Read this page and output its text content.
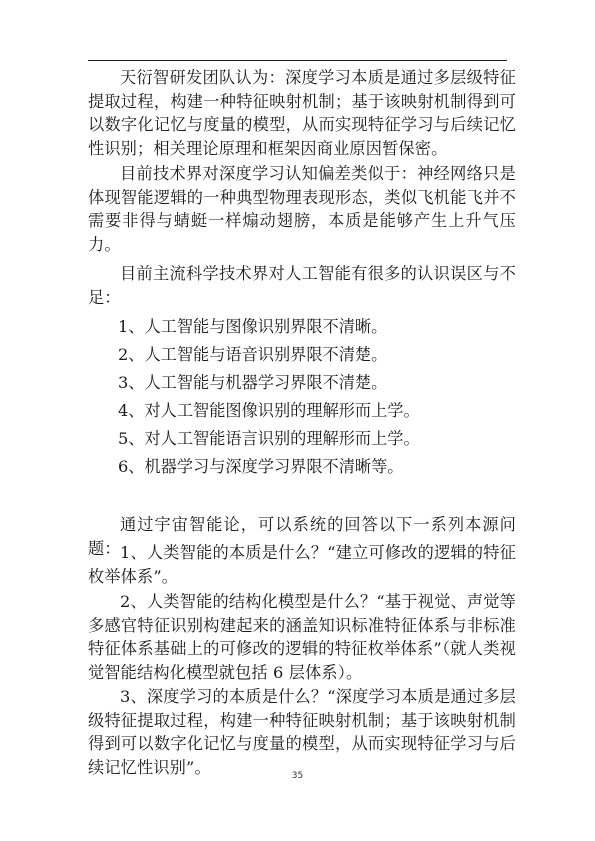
天衍智研发团队认为：深度学习本质是通过多层级特征提取过程，构建一种特征映射机制；基于该映射机制得到可以数字化记忆与度量的模型，从而实现特征学习与后续记忆性识别；相关理论原理和框架因商业原因暂保密。

目前技术界对深度学习认知偏差类似于：神经网络只是体现智能逻辑的一种典型物理表现形态，类似飞机能飞并不需要非得与蜻蜓一样煽动翅膀，本质是能够产生上升气压力。

目前主流科学技术界对人工智能有很多的认识误区与不足：

1、人工智能与图像识别界限不清晰。

2、人工智能与语音识别界限不清楚。

3、人工智能与机器学习界限不清楚。

4、对人工智能图像识别的理解形而上学。

5、对人工智能语言识别的理解形而上学。

6、机器学习与深度学习界限不清晰等。

通过宇宙智能论，可以系统的回答以下一系列本源问题： 1、人类智能的本质是什么？“建立可修改的逻辑的特征枚举体系”。

2、人类智能的结构化模型是什么？“基于视觉、声觉等多感官特征识别构建起来的涵盖知识标准特征体系与非标准特征体系基础上的可修改的逻辑的特征枚举体系”（就人类视觉智能结构化模型就包括 6 层体系）。

3、深度学习的本质是什么？“深度学习本质是通过多层级特征提取过程，构建一种特征映射机制；基于该映射机制得到可以数字化记忆与度量的模型，从而实现特征学习与后续记忆性识别”。	35
